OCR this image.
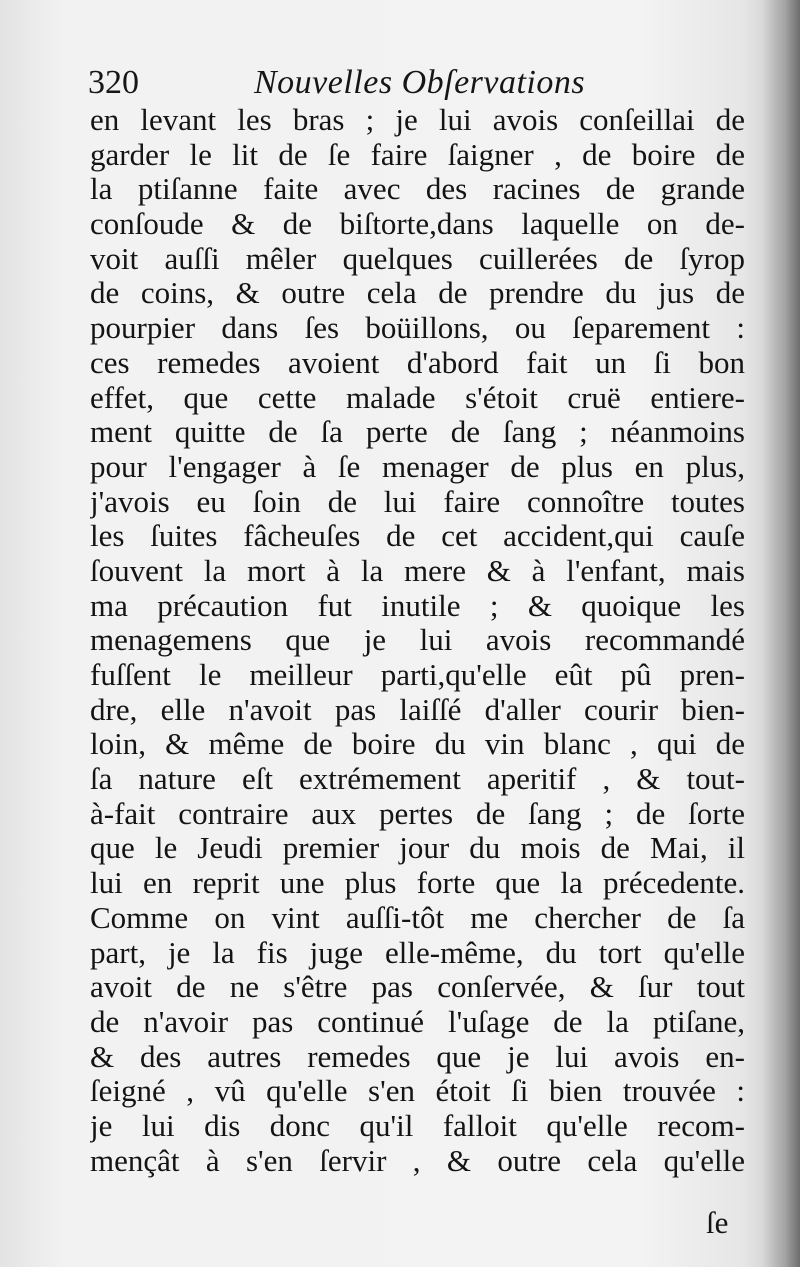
320	Nouvelles Obſervations
en levant les bras ; je lui avois conſeillai de
garder le lit de ſe faire ſaigner , de boire de
la ptiſanne faite avec des racines de grande
conſoude & de biſtorte,dans laquelle on de-
voit auſſi mêler quelques cuillerées de ſyrop
de coins, & outre cela de prendre du jus de
pourpier dans ſes boüillons, ou ſeparement :
ces remedes avoient d'abord fait un ſi bon
effet, que cette malade s'étoit cruë entiere-
ment quitte de ſa perte de ſang ; néanmoins
pour l'engager à ſe menager de plus en plus,
j'avois eu ſoin de lui faire connoître toutes
les ſuites fâcheuſes de cet accident,qui cauſe
ſouvent la mort à la mere & à l'enfant, mais
ma précaution fut inutile ; & quoique les
menagemens que je lui avois recommandé
fuſſent le meilleur parti,qu'elle eût pû pren-
dre, elle n'avoit pas laiſſé d'aller courir bien-
loin, & même de boire du vin blanc , qui de
ſa nature eſt extrémement aperitif , & tout-
à-fait contraire aux pertes de ſang ; de ſorte
que le Jeudi premier jour du mois de Mai, il
lui en reprit une plus forte que la précedente.
Comme on vint auſſi-tôt me chercher de ſa
part, je la fis juge elle-même, du tort qu'elle
avoit de ne s'être pas conſervée, & ſur tout
de n'avoir pas continué l'uſage de la ptiſane,
& des autres remedes que je lui avois en-
ſeigné , vû qu'elle s'en étoit ſi bien trouvée :
je lui dis donc qu'il falloit qu'elle recom-
mençât à s'en ſervir , & outre cela qu'elle
ſe
